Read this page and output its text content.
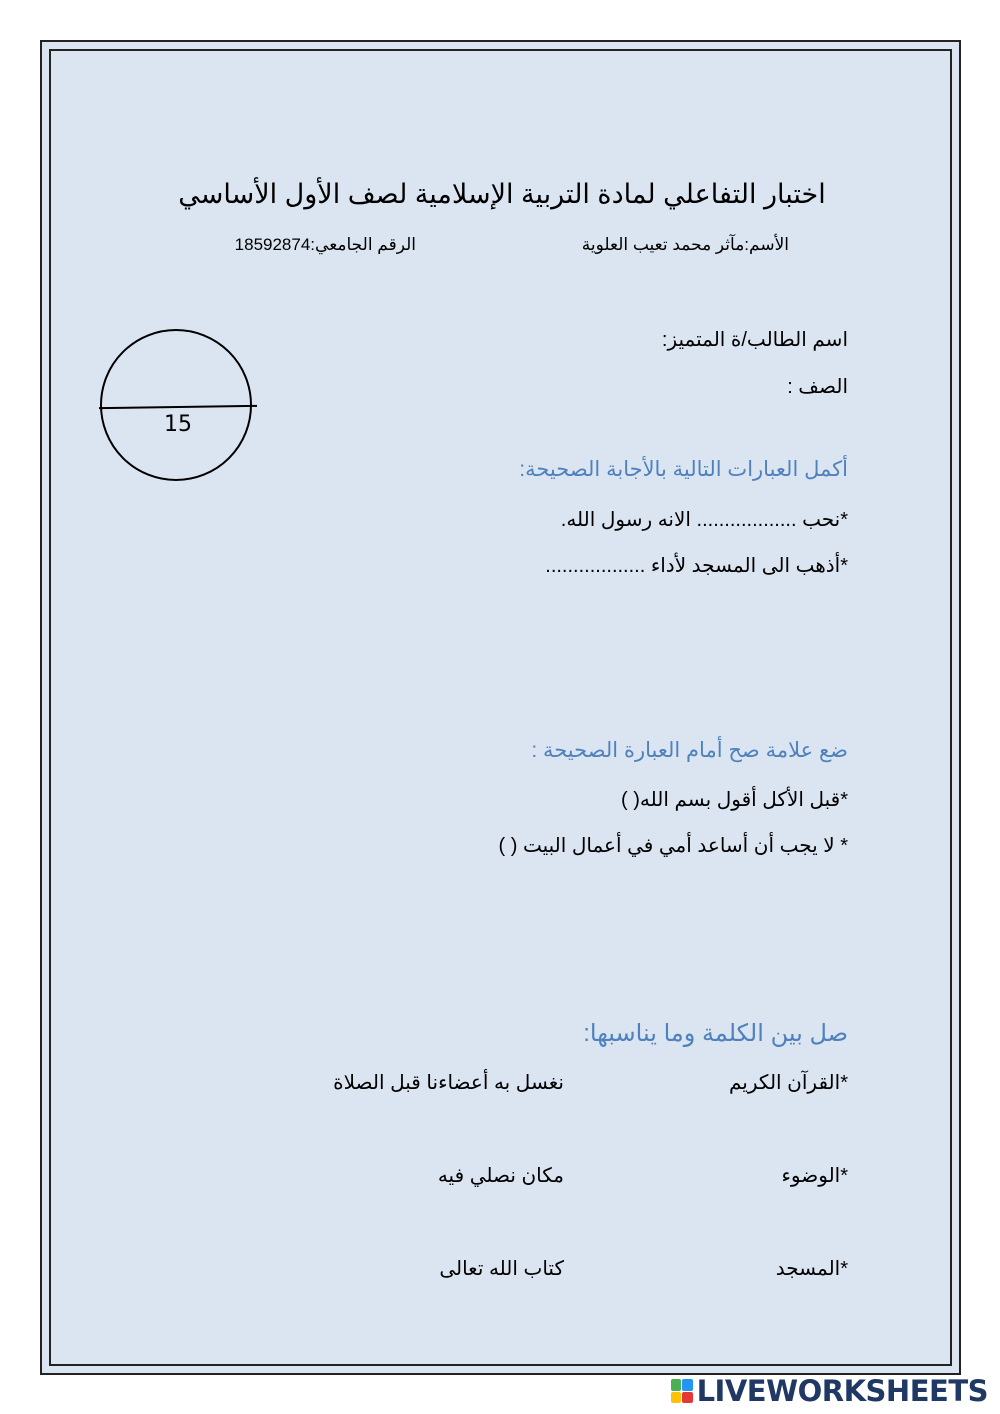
اختبار التفاعلي لمادة التربية الإسلامية لصف الأول الأساسي
الأسم:مآثر محمد تعيب العلوية
الرقم الجامعي:18592874
اسم الطالب/ة المتميز:
الصف :
15
أكمل العبارات التالية بالأجابة الصحيحة:
*نحب .................. الانه رسول الله.
*أذهب الى المسجد لأداء ..................
ضع علامة صح أمام العبارة الصحيحة :
*قبل الأكل أقول بسم الله( )
* لا يجب أن أساعد أمي في أعمال البيت ( )
صل بين الكلمة وما يناسبها:
*القرآن الكريم
نغسل به أعضاءنا قبل الصلاة
*الوضوء
مكان نصلي فيه
*المسجد
كتاب الله تعالى
LIVEWORKSHEETS
